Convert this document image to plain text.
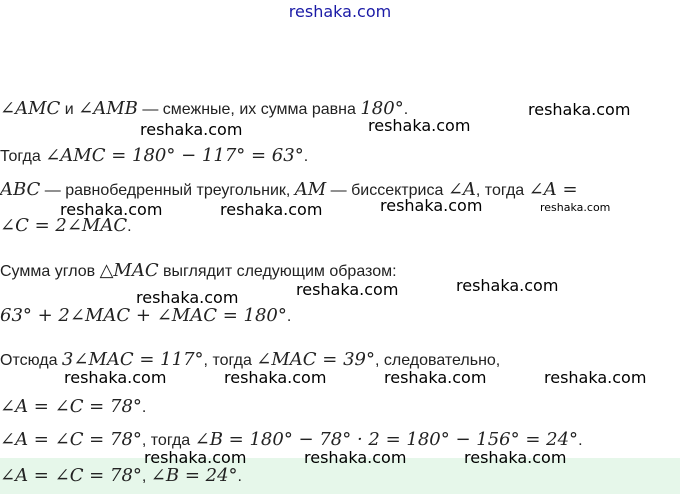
reshaka.com
∠AMC и ∠AMB — смежные, их сумма равна 180°.
Тогда ∠AMC = 180° − 117° = 63°.
ABC — равнобедренный треугольник, AM — биссектриса ∠A, тогда ∠A =
∠C = 2∠MAC.
Сумма углов △MAC выглядит следующим образом:
63° + 2∠MAC + ∠MAC = 180°.
Отсюда 3∠MAC = 117°, тогда ∠MAC = 39°, следовательно,
∠A = ∠C = 78°.
∠A = ∠C = 78°, тогда ∠B = 180° − 78° · 2 = 180° − 156° = 24°.
∠A = ∠C = 78°, ∠B = 24°.
reshaka.com
reshaka.com	reshaka.com
reshaka.com	reshaka.com	reshaka.com	reshaka.com
reshaka.com	reshaka.com	reshaka.com
reshaka.com	reshaka.com	reshaka.com	reshaka.com
reshaka.com	reshaka.com	reshaka.com
